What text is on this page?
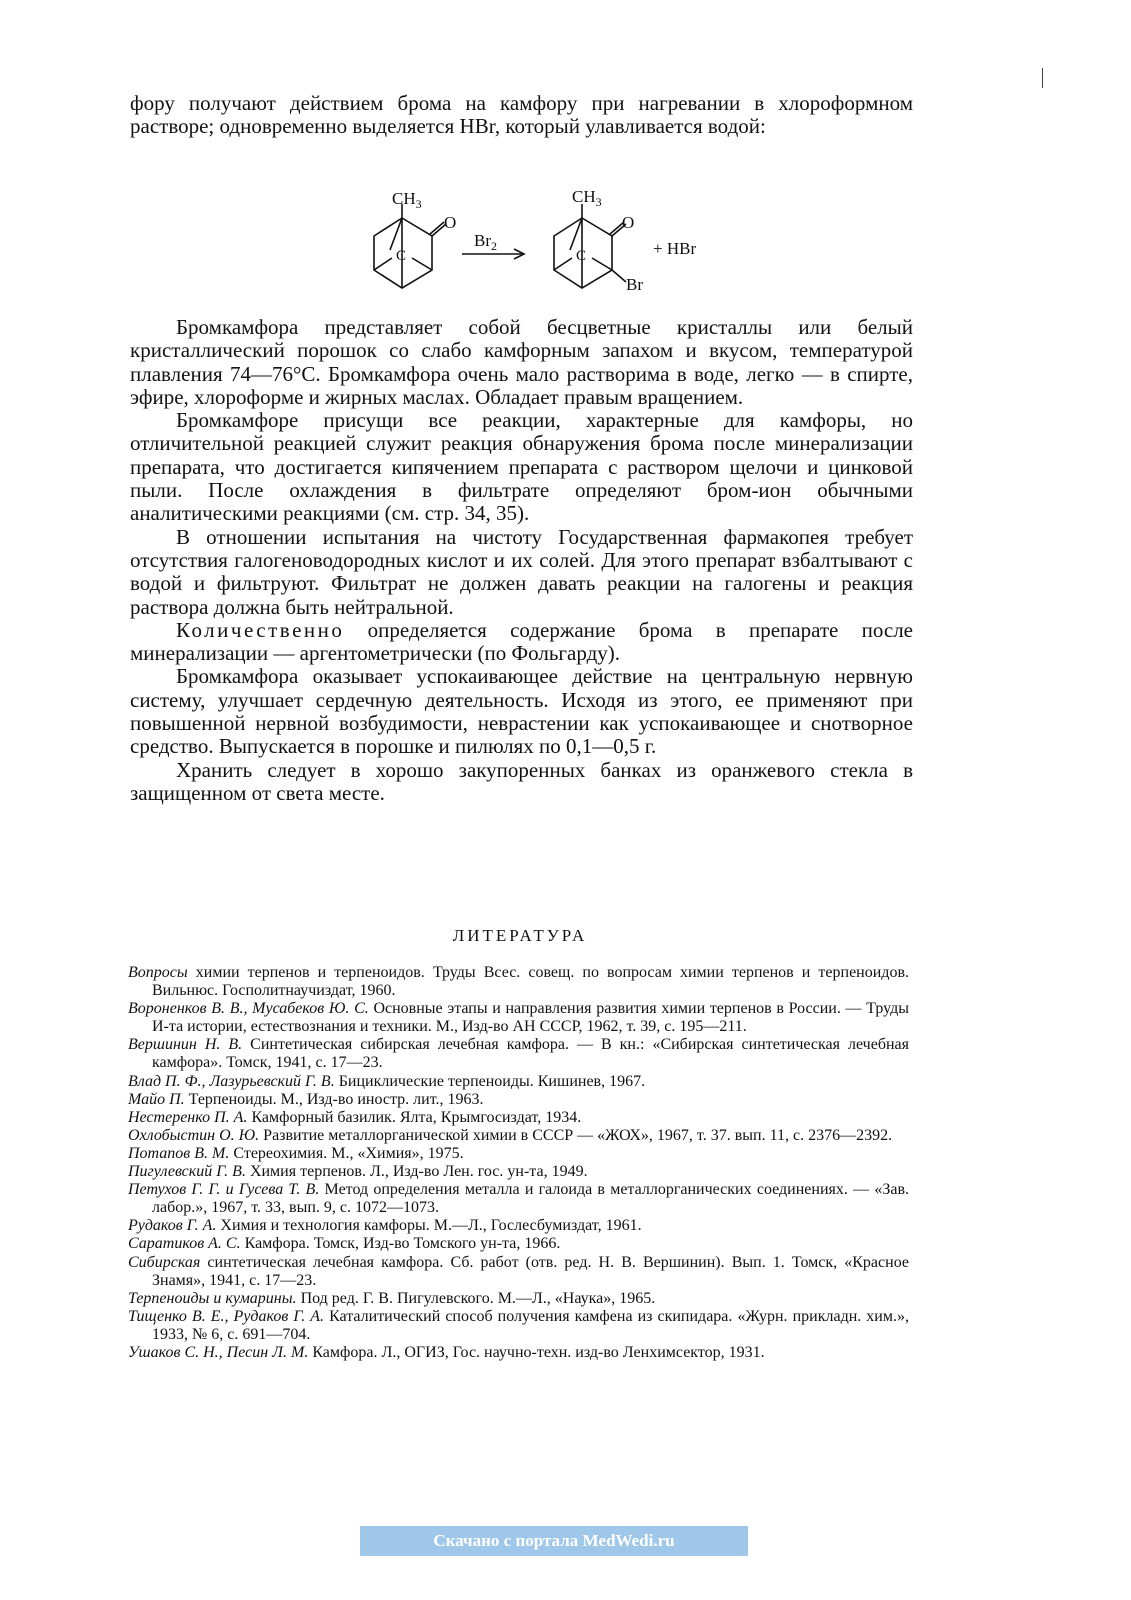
фору получают действием брома на камфору при нагревании в хлороформном растворе; одновременно выделяется HBr, который улавливается водой:

$CH_3$
O
C
$Br_2$
$CH_3$
O
C
Br
+ HBr

Бромкамфора представляет собой бесцветные кристаллы или белый кристаллический порошок со слабо камфорным запахом и вкусом, температурой плавления 74—76°С. Бромкамфора очень мало растворима в воде, легко — в спирте, эфире, хлороформе и жирных маслах. Обладает правым вращением.

Бромкамфоре присущи все реакции, характерные для камфоры, но отличительной реакцией служит реакция обнаружения брома после минерализации препарата, что достигается кипячением препарата с раствором щелочи и цинковой пыли. После охлаждения в фильтрате определяют бром-ион обычными аналитическими реакциями (см. стр. 34, 35).

В отношении испытания на чистоту Государственная фармакопея требует отсутствия галогеноводородных кислот и их солей. Для этого препарат взбалтывают с водой и фильтруют. Фильтрат не должен давать реакции на галогены и реакция раствора должна быть нейтральной.

Количественно определяется содержание брома в препарате после минерализации — аргентометрически (по Фольгарду).

Бромкамфора оказывает успокаивающее действие на центральную нервную систему, улучшает сердечную деятельность. Исходя из этого, ее применяют при повышенной нервной возбудимости, неврастении как успокаивающее и снотворное средство. Выпускается в порошке и пилюлях по 0,1—0,5 г.

Хранить следует в хорошо закупоренных банках из оранжевого стекла в защищенном от света месте.

ЛИТЕРАТУРА

Вопросы химии терпенов и терпеноидов. Труды Всес. совещ. по вопросам химии терпенов и терпеноидов. Вильнюс. Госполитнаучиздат, 1960.

Вороненков В. В., Мусабеков Ю. С. Основные этапы и направления развития химии терпенов в России. — Труды И-та истории, естествознания и техники. М., Изд-во АН СССР, 1962, т. 39, с. 195—211.

Вершинин Н. В. Синтетическая сибирская лечебная камфора. — В кн.: «Сибирская синтетическая лечебная камфора». Томск, 1941, с. 17—23.

Влад П. Ф., Лазурьевский Г. В. Бициклические терпеноиды. Кишинев, 1967.

Майо П. Терпеноиды. М., Изд-во иностр. лит., 1963.

Нестеренко П. А. Камфорный базилик. Ялта, Крымгосиздат, 1934.

Охлобыстин О. Ю. Развитие металлорганической химии в СССР — «ЖОХ», 1967, т. 37. вып. 11, с. 2376—2392.

Потапов В. М. Стереохимия. М., «Химия», 1975.

Пигулевский Г. В. Химия терпенов. Л., Изд-во Лен. гос. ун-та, 1949.

Петухов Г. Г. и Гусева Т. В. Метод определения металла и галоида в металлорганических соединениях. — «Зав. лабор.», 1967, т. 33, вып. 9, с. 1072—1073.

Рудаков Г. А. Химия и технология камфоры. М.—Л., Гослесбумиздат, 1961.

Саратиков А. С. Камфора. Томск, Изд-во Томского ун-та, 1966.

Сибирская синтетическая лечебная камфора. Сб. работ (отв. ред. Н. В. Вершинин). Вып. 1. Томск, «Красное Знамя», 1941, с. 17—23.

Терпеноиды и кумарины. Под ред. Г. В. Пигулевского. М.—Л., «Наука», 1965.

Тищенко В. Е., Рудаков Г. А. Каталитический способ получения камфена из скипидара. «Журн. прикладн. хим.», 1933, № 6, с. 691—704.

Ушаков С. Н., Песин Л. М. Камфора. Л., ОГИЗ, Гос. научно-техн. изд-во Ленхимсектор, 1931.

Скачано с портала MedWedi.ru
